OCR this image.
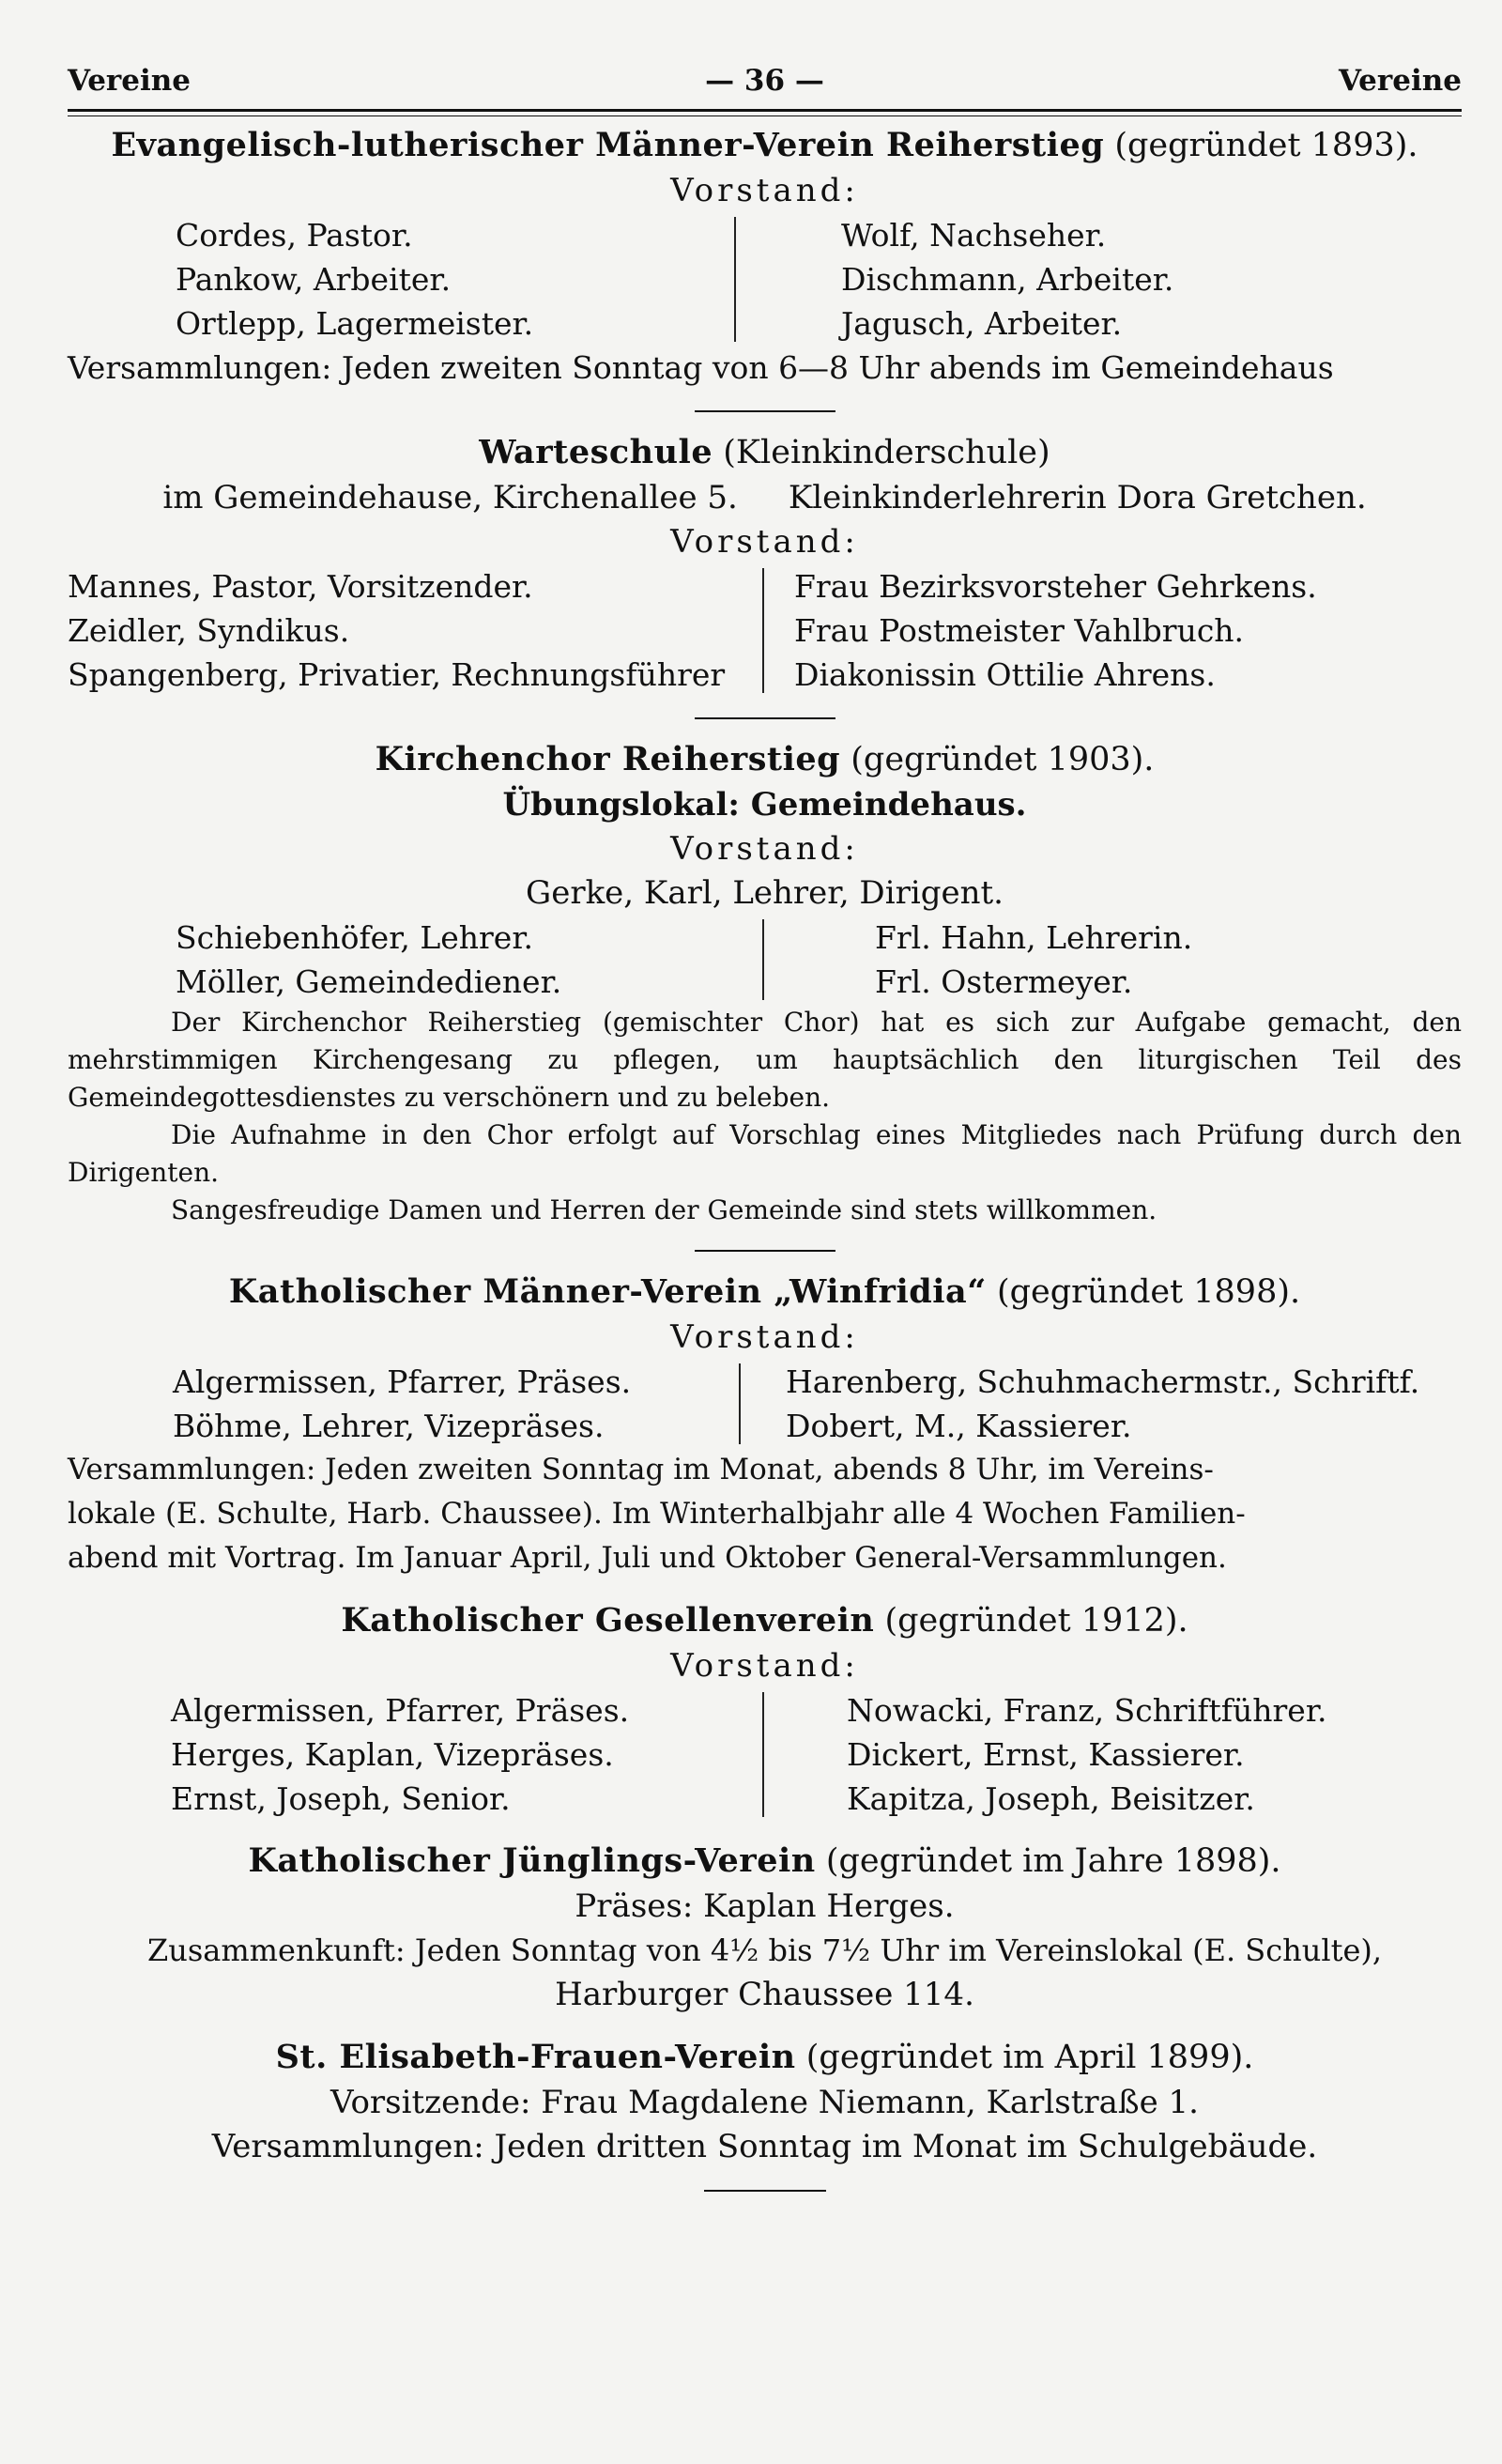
Vereine	— 36 —	Vereine
Evangelisch-lutherischer Männer-Verein Reiherstieg (gegründet 1893).
Vorstand:
Cordes, Pastor.
Pankow, Arbeiter.
Ortlepp, Lagermeister.
Wolf, Nachseher.
Dischmann, Arbeiter.
Jagusch, Arbeiter.
Versammlungen: Jeden zweiten Sonntag von 6—8 Uhr abends im Gemeindehaus
Warteschule (Kleinkinderschule)
im Gemeindehause, Kirchenallee 5.     Kleinkinderlehrerin Dora Gretchen.
Vorstand:
Mannes, Pastor, Vorsitzender.
Zeidler, Syndikus.
Spangenberg, Privatier, Rechnungsführer
Frau Bezirksvorsteher Gehrkens.
Frau Postmeister Vahlbruch.
Diakonissin Ottilie Ahrens.
Kirchenchor Reiherstieg (gegründet 1903).
Übungslokal: Gemeindehaus.
Vorstand:
Gerke, Karl, Lehrer, Dirigent.
Schiebenhöfer, Lehrer.
Möller, Gemeindediener.
Frl. Hahn, Lehrerin.
Frl. Ostermeyer.

Der Kirchenchor Reiherstieg (gemischter Chor) hat es sich zur Aufgabe gemacht, den mehrstimmigen Kirchengesang zu pflegen, um hauptsächlich den liturgischen Teil des Gemeindegottesdienstes zu verschönern und zu beleben.

Die Aufnahme in den Chor erfolgt auf Vorschlag eines Mitgliedes nach Prüfung durch den Dirigenten.

Sangesfreudige Damen und Herren der Gemeinde sind stets willkommen.

Katholischer Männer-Verein „Winfridia“ (gegründet 1898).
Vorstand:
Algermissen, Pfarrer, Präses.
Böhme, Lehrer, Vizepräses.
Harenberg, Schuhmachermstr., Schriftf.
Dobert, M., Kassierer.
Versammlungen: Jeden zweiten Sonntag im Monat, abends 8 Uhr, im Vereins-
lokale (E. Schulte, Harb. Chaussee). Im Winterhalbjahr alle 4 Wochen Familien-
abend mit Vortrag. Im Januar April, Juli und Oktober General-Versammlungen.
Katholischer Gesellenverein (gegründet 1912).
Vorstand:
Algermissen, Pfarrer, Präses.
Herges, Kaplan, Vizepräses.
Ernst, Joseph, Senior.
Nowacki, Franz, Schriftführer.
Dickert, Ernst, Kassierer.
Kapitza, Joseph, Beisitzer.
Katholischer Jünglings-Verein (gegründet im Jahre 1898).
Präses: Kaplan Herges.
Zusammenkunft: Jeden Sonntag von 4½ bis 7½ Uhr im Vereinslokal (E. Schulte),
Harburger Chaussee 114.
St. Elisabeth-Frauen-Verein (gegründet im April 1899).
Vorsitzende: Frau Magdalene Niemann, Karlstraße 1.
Versammlungen: Jeden dritten Sonntag im Monat im Schulgebäude.
